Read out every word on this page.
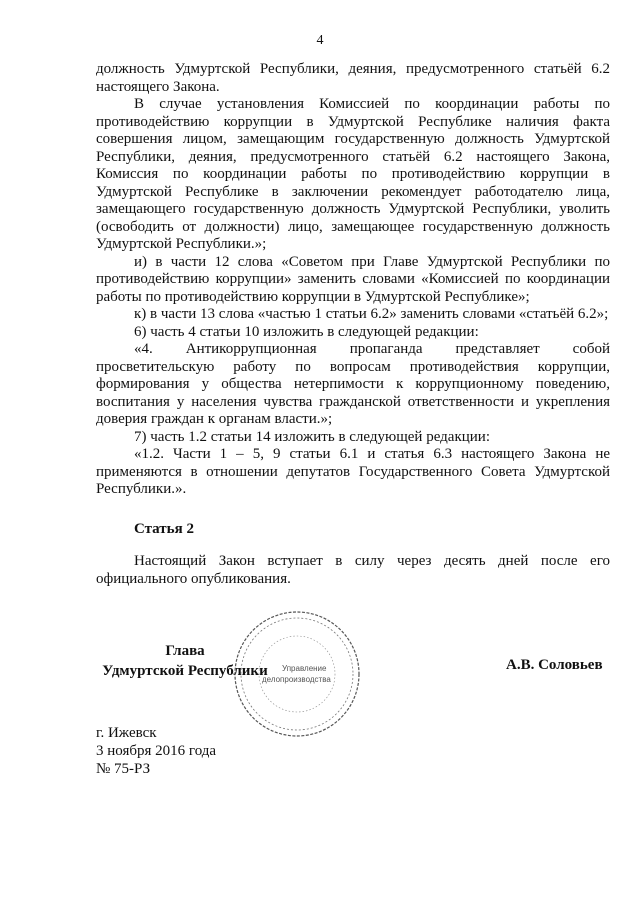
4

должность Удмуртской Республики, деяния, предусмотренного статьёй 6.2 настоящего Закона.

В случае установления Комиссией по координации работы по противодействию коррупции в Удмуртской Республике наличия факта совершения лицом, замещающим государственную должность Удмуртской Республики, деяния, предусмотренного статьёй 6.2 настоящего Закона, Комиссия по координации работы по противодействию коррупции в Удмуртской Республике в заключении рекомендует работодателю лица, замещающего государственную должность Удмуртской Республики, уволить (освободить от должности) лицо, замещающее государственную должность Удмуртской Республики.»;

и) в части 12 слова «Советом при Главе Удмуртской Республики по противодействию коррупции» заменить словами «Комиссией по координации работы по противодействию коррупции в Удмуртской Республике»;

к) в части 13 слова «частью 1 статьи 6.2» заменить словами «статьёй 6.2»;

6) часть 4 статьи 10 изложить в следующей редакции:

«4. Антикоррупционная пропаганда представляет собой просветительскую работу по вопросам противодействия коррупции, формирования у общества нетерпимости к коррупционному поведению, воспитания у населения чувства гражданской ответственности и укрепления доверия граждан к органам власти.»;

7) часть 1.2 статьи 14 изложить в следующей редакции:

«1.2. Части 1 – 5, 9 статьи 6.1 и статья 6.3 настоящего Закона не применяются в отношении депутатов Государственного Совета Удмуртской Республики.».

Статья 2

Настоящий Закон вступает в силу через десять дней после его официального опубликования.

Глава
Удмуртской Республики Управление
делопроизводства
А.В. Соловьев
г. Ижевск
3 ноября 2016 года
№ 75-РЗ
